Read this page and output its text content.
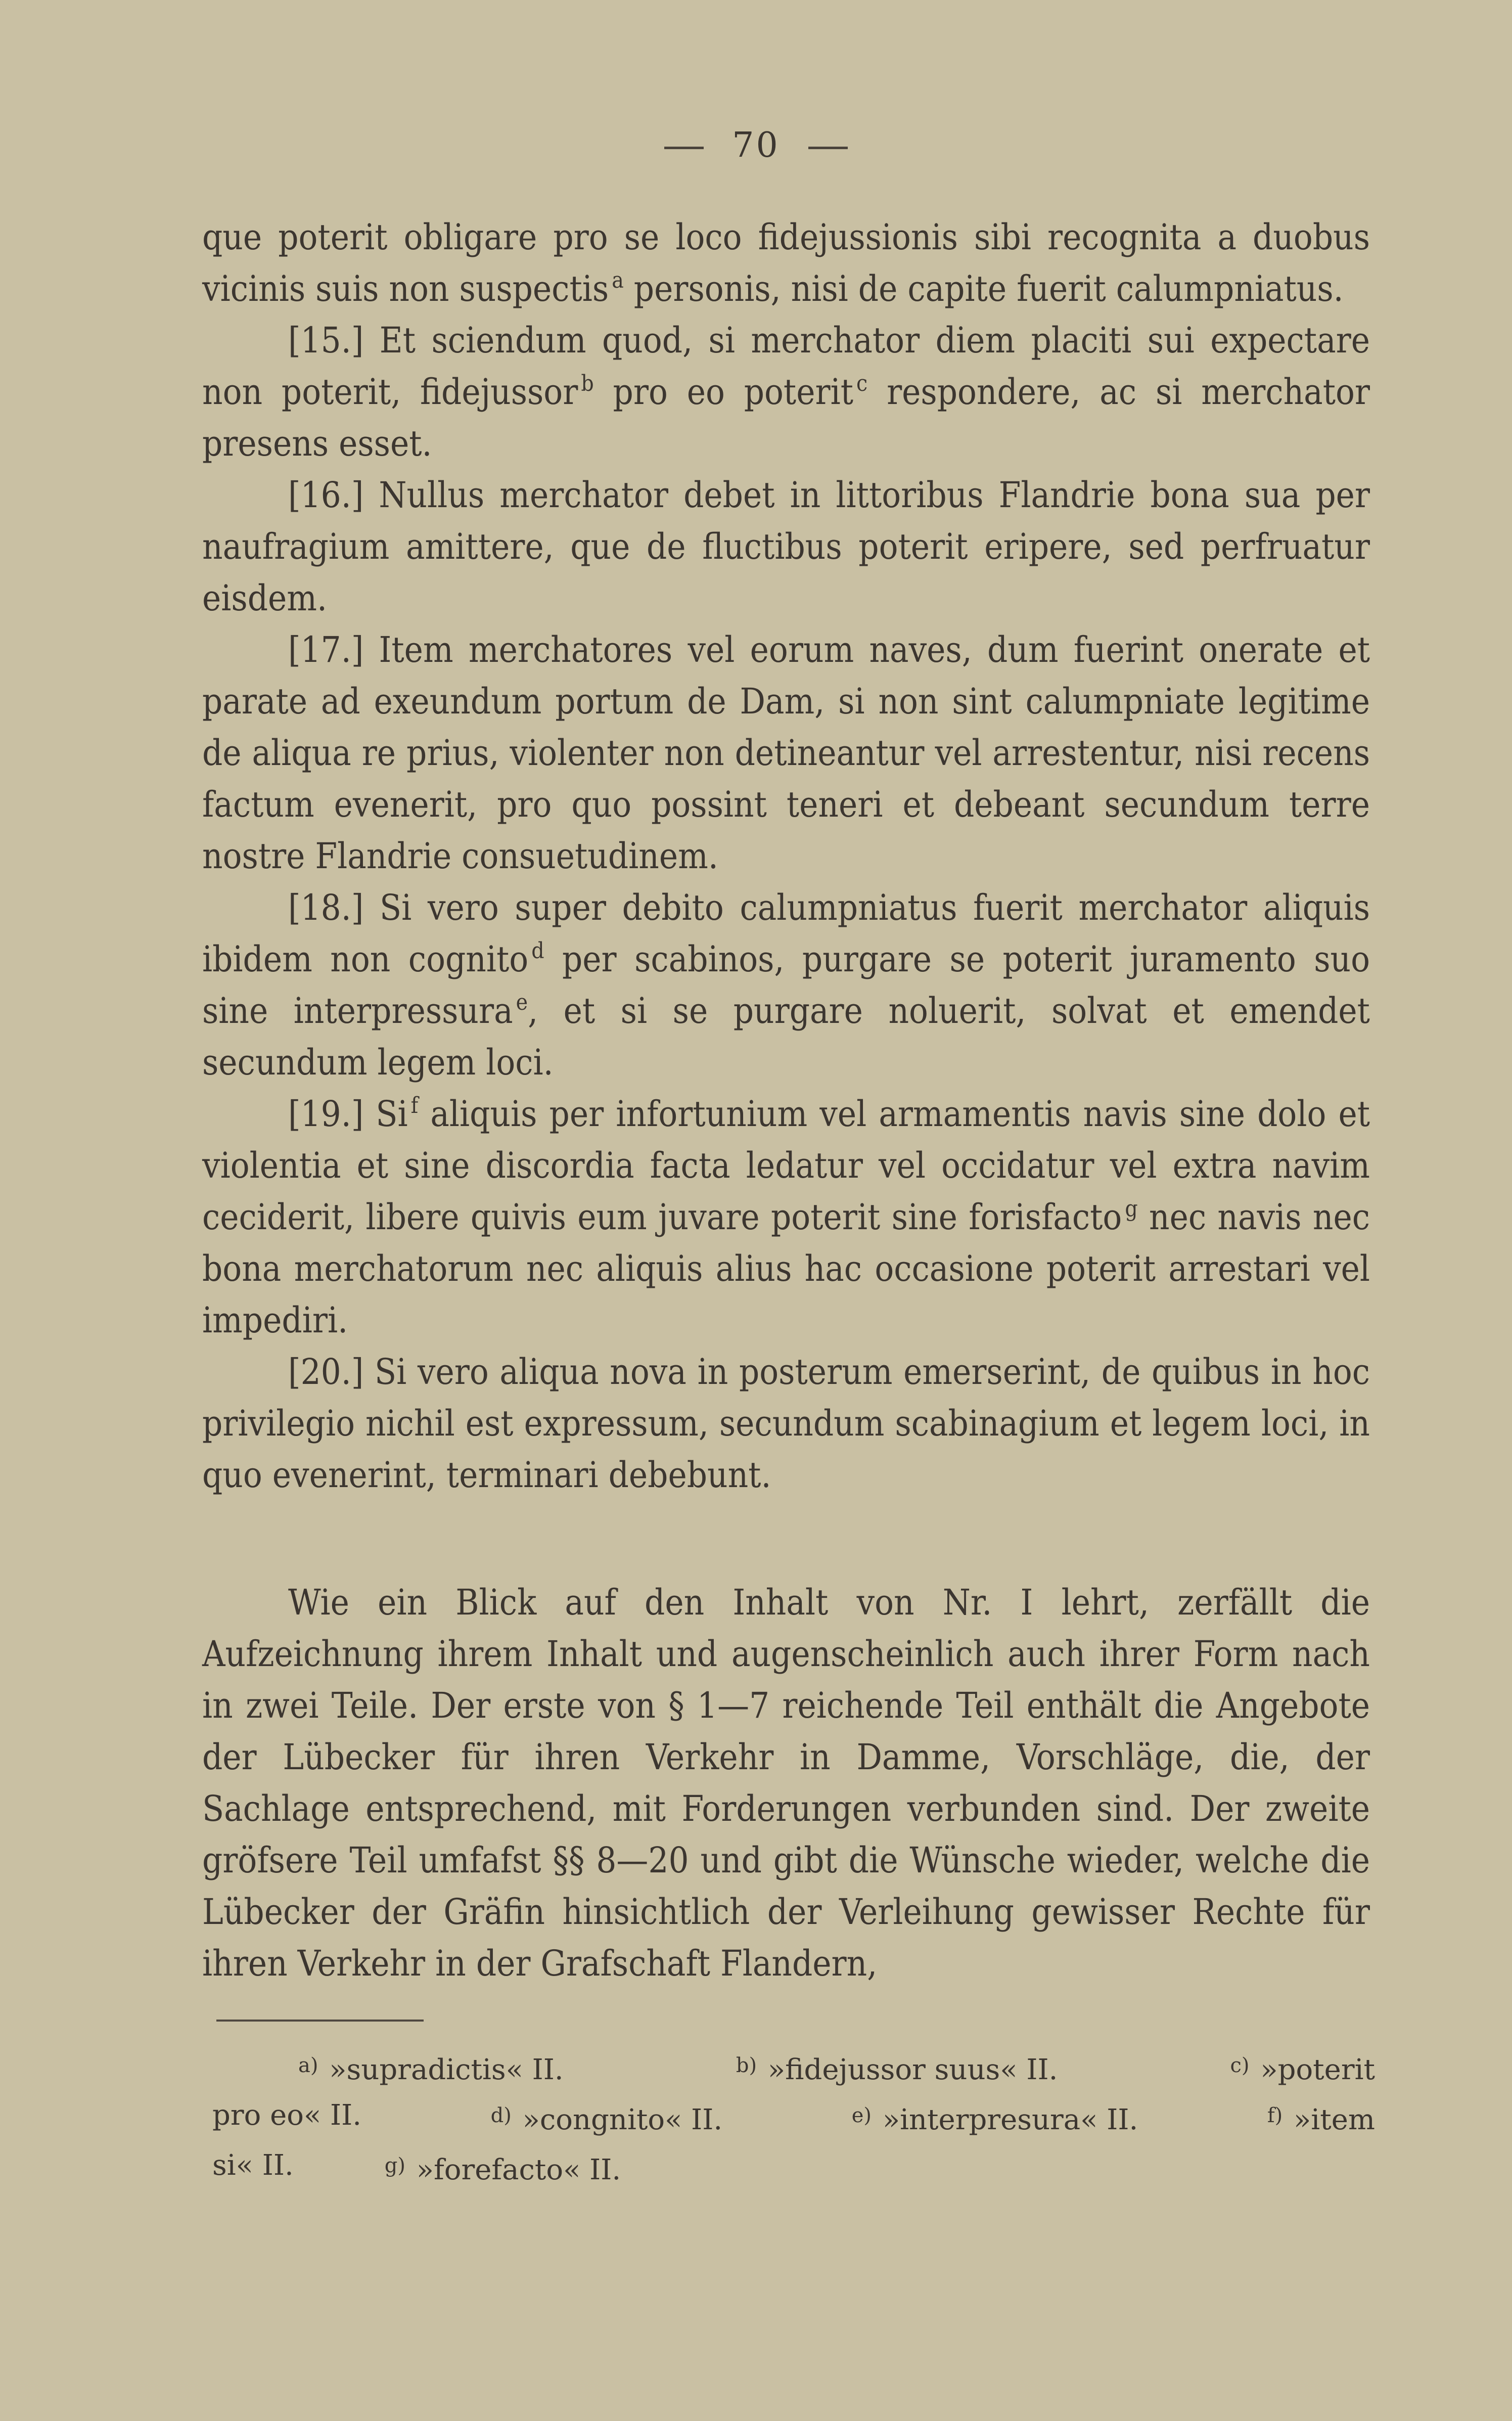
70

que poterit obligare pro se loco fidejussionis sibi recognita a duobus vicinis suis non suspectis $^a$ personis, nisi de capite fuerit calumpniatus.

[15.] Et sciendum quod, si merchator diem placiti sui expectare non poterit, fidejussor $^b$ pro eo poterit $^c$ respondere, ac si merchator presens esset.

[16.] Nullus merchator debet in littoribus Flandrie bona sua per naufragium amittere, que de fluctibus poterit eripere, sed perfruatur eisdem.

[17.] Item merchatores vel eorum naves, dum fuerint onerate et parate ad exeundum portum de Dam, si non sint calumpniate legitime de aliqua re prius, violenter non detineantur vel arrestentur, nisi recens factum evenerit, pro quo possint teneri et debeant secundum terre nostre Flandrie consuetudinem.

[18.] Si vero super debito calumpniatus fuerit merchator aliquis ibidem non cognito $^d$ per scabinos, purgare se poterit juramento suo sine interpressura $^e$, et si se purgare noluerit, solvat et emendet secundum legem loci.

[19.] Si $^f$ aliquis per infortunium vel armamentis navis sine dolo et violentia et sine discordia facta ledatur vel occidatur vel extra navim ceciderit, libere quivis eum juvare poterit sine forisfacto $^g$ nec navis nec bona merchatorum nec aliquis alius hac occasione poterit arrestari vel impediri.

[20.] Si vero aliqua nova in posterum emerserint, de quibus in hoc privilegio nichil est expressum, secundum scabinagium et legem loci, in quo evenerint, terminari debebunt.

Wie ein Blick auf den Inhalt von Nr. I lehrt, zerfällt die Aufzeichnung ihrem Inhalt und augenscheinlich auch ihrer Form nach in zwei Teile. Der erste von § 1—7 reichende Teil enthält die Angebote der Lübecker für ihren Verkehr in Damme, Vorschläge, die, der Sachlage entsprechend, mit Forderungen verbunden sind. Der zweite gröfsere Teil umfafst §§ 8—20 und gibt die Wünsche wieder, welche die Lübecker der Gräfin hinsichtlich der Verleihung gewisser Rechte für ihren Verkehr in der Grafschaft Flandern,

$^{a)}$ »supradictis« II.	$^{b)}$ »fidejussor suus« II.	$^{c)}$ »poterit
pro eo« II.	$^{d)}$ »congnito« II.	$^{e)}$ »interpresura« II.	$^{f)}$ »item
si« II.	$^{g)}$ »forefacto« II.
